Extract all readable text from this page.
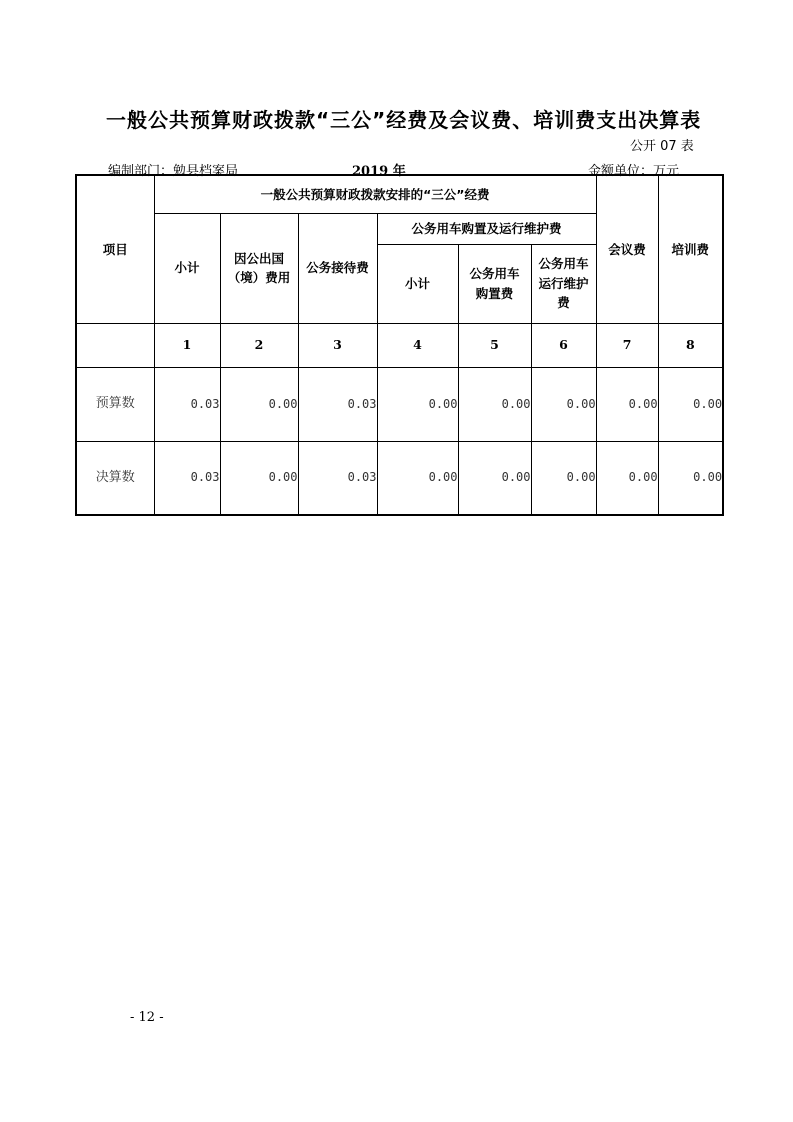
一般公共预算财政拨款“三公”经费及会议费、培训费支出决算表
公开 07 表
编制部门：勉县档案局	2019 年	金额单位：万元
项目	一般公共预算财政拨款安排的“三公”经费						会议费	培训费
	小计	因公出国（境）费用	公务接待费	公务用车购置及运行维护费				
				小计	公务用车购置费	公务用车运行维护费		
	1	2	3	4	5	6	7	8
预算数	0.03	0.00	0.03	0.00	0.00	0.00	0.00	0.00
决算数	0.03	0.00	0.03	0.00	0.00	0.00	0.00	0.00
- 12 -
